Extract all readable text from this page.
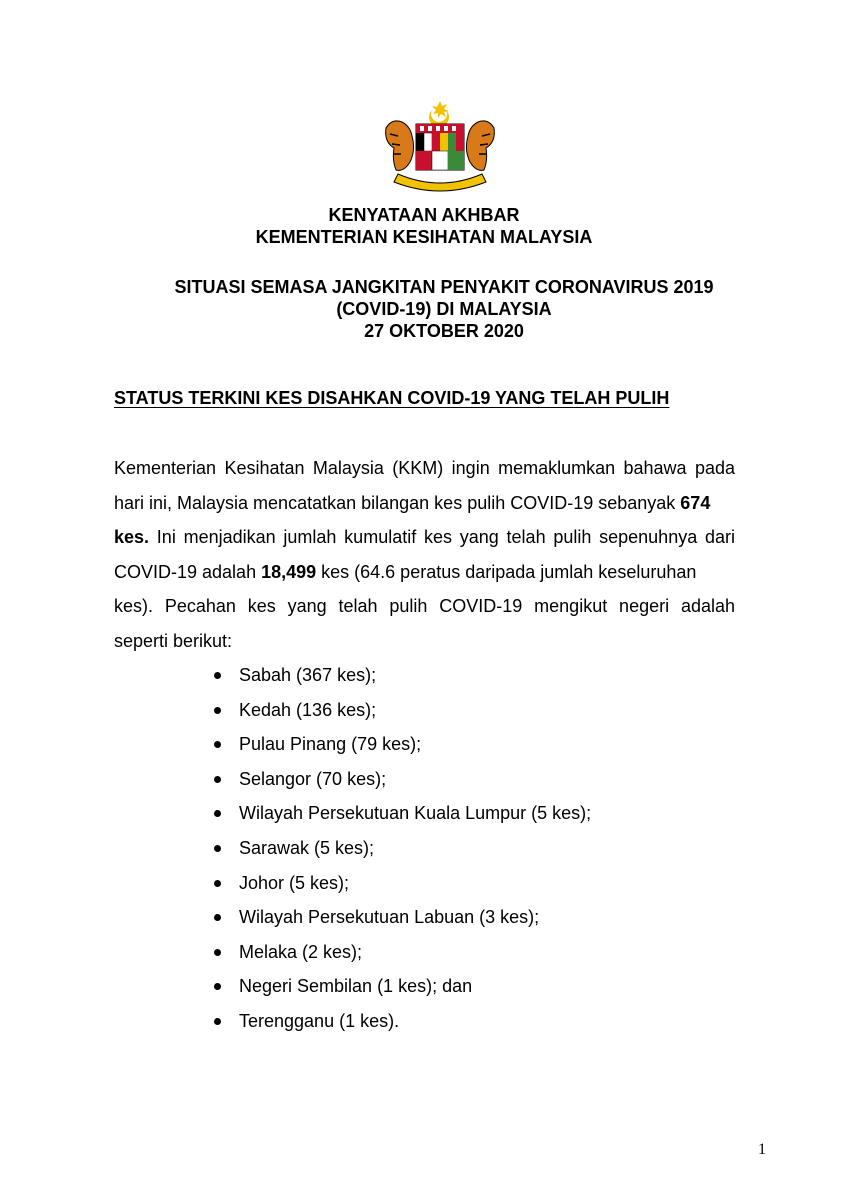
KENYATAAN AKHBAR
KEMENTERIAN KESIHATAN MALAYSIA
SITUASI SEMASA JANGKITAN PENYAKIT CORONAVIRUS 2019
(COVID-19) DI MALAYSIA
27 OKTOBER 2020
STATUS TERKINI KES DISAHKAN COVID-19 YANG TELAH PULIH
Kementerian Kesihatan Malaysia (KKM) ingin memaklumkan bahawa pada
hari ini, Malaysia mencatatkan bilangan kes pulih COVID-19 sebanyak 674
kes. Ini menjadikan jumlah kumulatif kes yang telah pulih sepenuhnya dari
COVID-19 adalah 18,499 kes (64.6 peratus daripada jumlah keseluruhan
kes). Pecahan kes yang telah pulih COVID-19 mengikut negeri adalah
seperti berikut:
Sabah (367 kes);
Kedah (136 kes);
Pulau Pinang (79 kes);
Selangor (70 kes);
Wilayah Persekutuan Kuala Lumpur (5 kes);
Sarawak (5 kes);
Johor (5 kes);
Wilayah Persekutuan Labuan (3 kes);
Melaka (2 kes);
Negeri Sembilan (1 kes); dan
Terengganu (1 kes).
1
